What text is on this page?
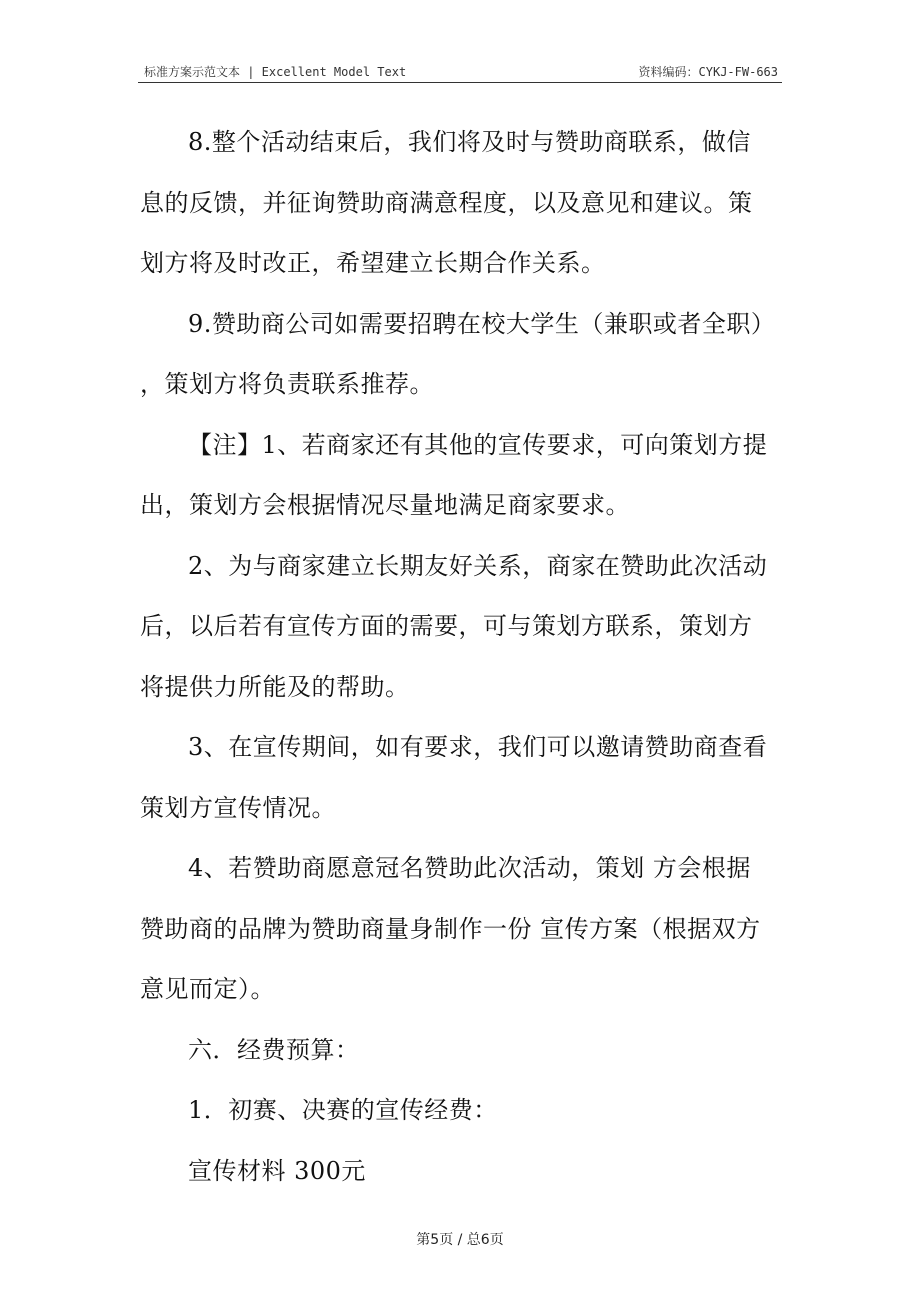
标准方案示范文本 | Excellent Model Text	资料编码：CYKJ-FW-663

8.整个活动结束后，我们将及时与赞助商联系，做信

息的反馈，并征询赞助商满意程度，以及意见和建议。策

划方将及时改正，希望建立长期合作关系。

9.赞助商公司如需要招聘在校大学生（兼职或者全职）

，策划方将负责联系推荐。

【注】1、若商家还有其他的宣传要求，可向策划方提

出，策划方会根据情况尽量地满足商家要求。

2、为与商家建立长期友好关系，商家在赞助此次活动

后，以后若有宣传方面的需要，可与策划方联系，策划方

将提供力所能及的帮助。

3、在宣传期间，如有要求，我们可以邀请赞助商查看

策划方宣传情况。

4、若赞助商愿意冠名赞助此次活动，策划 方会根据

赞助商的品牌为赞助商量身制作一份 宣传方案（根据双方

意见而定）。

六．经费预算：

1．初赛、决赛的宣传经费：

宣传材料 300元

第5页 / 总6页
